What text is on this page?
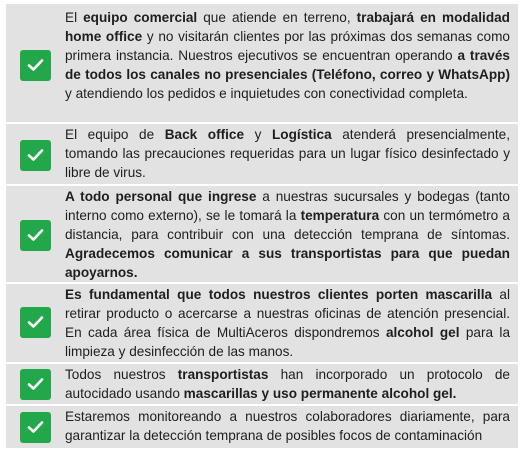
El equipo comercial que atiende en terreno, trabajará en modalidad home office y no visitarán clientes por las próximas dos semanas como primera instancia. Nuestros ejecutivos se encuentran operando a través de todos los canales no presenciales (Teléfono, correo y WhatsApp) y atendiendo los pedidos e inquietudes con conectividad completa.
El equipo de Back office y Logística atenderá presencialmente, tomando las precauciones requeridas para un lugar físico desinfectado y libre de virus.
A todo personal que ingrese a nuestras sucursales y bodegas (tanto interno como externo), se le tomará la temperatura con un termómetro a distancia, para contribuir con una detección temprana de síntomas. Agradecemos comunicar a sus transportistas para que puedan apoyarnos.
Es fundamental que todos nuestros clientes porten mascarilla al retirar producto o acercarse a nuestras oficinas de atención presencial. En cada área física de MultiAceros dispondremos alcohol gel para la limpieza y desinfección de las manos.
Todos nuestros transportistas han incorporado un protocolo de autocidado usando mascarillas y uso permanente alcohol gel.
Estaremos monitoreando a nuestros colaboradores diariamente, para garantizar la detección temprana de posibles focos de contaminación
